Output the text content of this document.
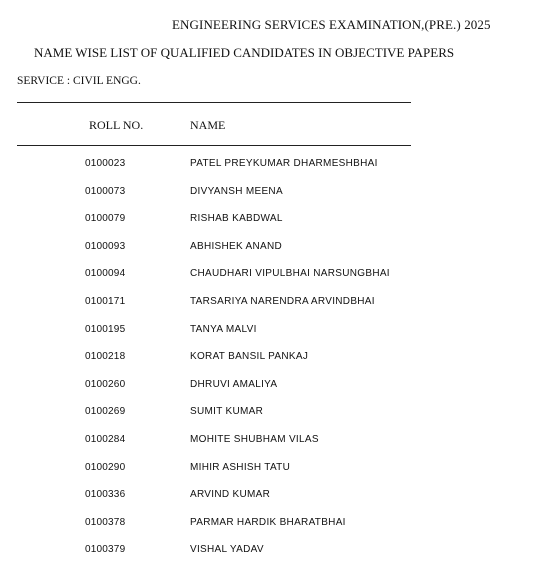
ENGINEERING SERVICES EXAMINATION,(PRE.) 2025
NAME WISE LIST OF QUALIFIED CANDIDATES IN OBJECTIVE PAPERS
SERVICE : CIVIL ENGG.
ROLL NO.	NAME
0100023	PATEL PREYKUMAR DHARMESHBHAI
0100073	DIVYANSH MEENA
0100079	RISHAB KABDWAL
0100093	ABHISHEK ANAND
0100094	CHAUDHARI VIPULBHAI NARSUNGBHAI
0100171	TARSARIYA NARENDRA ARVINDBHAI
0100195	TANYA MALVI
0100218	KORAT BANSIL PANKAJ
0100260	DHRUVI AMALIYA
0100269	SUMIT KUMAR
0100284	MOHITE SHUBHAM VILAS
0100290	MIHIR ASHISH TATU
0100336	ARVIND KUMAR
0100378	PARMAR HARDIK BHARATBHAI
0100379	VISHAL YADAV
